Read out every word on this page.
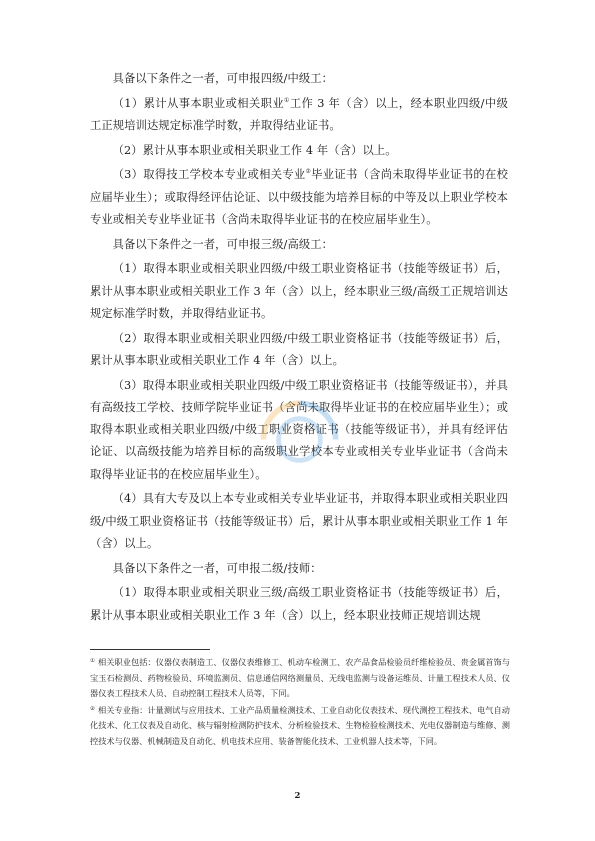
具备以下条件之一者，可申报四级/中级工：

（1）累计从事本职业或相关职业①工作 3 年（含）以上，经本职业四级/中级工正规培训达规定标准学时数，并取得结业证书。

（2）累计从事本职业或相关职业工作 4 年（含）以上。

（3）取得技工学校本专业或相关专业②毕业证书（含尚未取得毕业证书的在校应届毕业生）；或取得经评估论证、以中级技能为培养目标的中等及以上职业学校本专业或相关专业毕业证书（含尚未取得毕业证书的在校应届毕业生）。

具备以下条件之一者，可申报三级/高级工：

（1）取得本职业或相关职业四级/中级工职业资格证书（技能等级证书）后，累计从事本职业或相关职业工作 3 年（含）以上，经本职业三级/高级工正规培训达规定标准学时数，并取得结业证书。

（2）取得本职业或相关职业四级/中级工职业资格证书（技能等级证书）后，累计从事本职业或相关职业工作 4 年（含）以上。

（3）取得本职业或相关职业四级/中级工职业资格证书（技能等级证书），并具有高级技工学校、技师学院毕业证书（含尚未取得毕业证书的在校应届毕业生）；或取得本职业或相关职业四级/中级工职业资格证书（技能等级证书），并具有经评估论证、以高级技能为培养目标的高级职业学校本专业或相关专业毕业证书（含尚未取得毕业证书的在校应届毕业生）。

（4）具有大专及以上本专业或相关专业毕业证书，并取得本职业或相关职业四级/中级工职业资格证书（技能等级证书）后，累计从事本职业或相关职业工作 1 年（含）以上。

具备以下条件之一者，可申报二级/技师：

（1）取得本职业或相关职业三级/高级工职业资格证书（技能等级证书）后，累计从事本职业或相关职业工作 3 年（含）以上，经本职业技师正规培训达规

① 相关职业包括：仪器仪表制造工、仪器仪表维修工、机动车检测工、农产品食品检验员纤维检验员、贵金属首饰与宝玉石检测员、药物检验员、环境监测员、信息通信网络测量员、无线电监测与设备运维员、计量工程技术人员、仪器仪表工程技术人员、自动控制工程技术人员等，下同。

② 相关专业指：计量测试与应用技术、工业产品质量检测技术、工业自动化仪表技术、现代测控工程技术、电气自动化技术、化工仪表及自动化、核与辐射检测防护技术、分析检验技术、生物检验检测技术、光电仪器制造与维修、测控技术与仪器、机械制造及自动化、机电技术应用、装备智能化技术、工业机器人技术等，下同。

2
